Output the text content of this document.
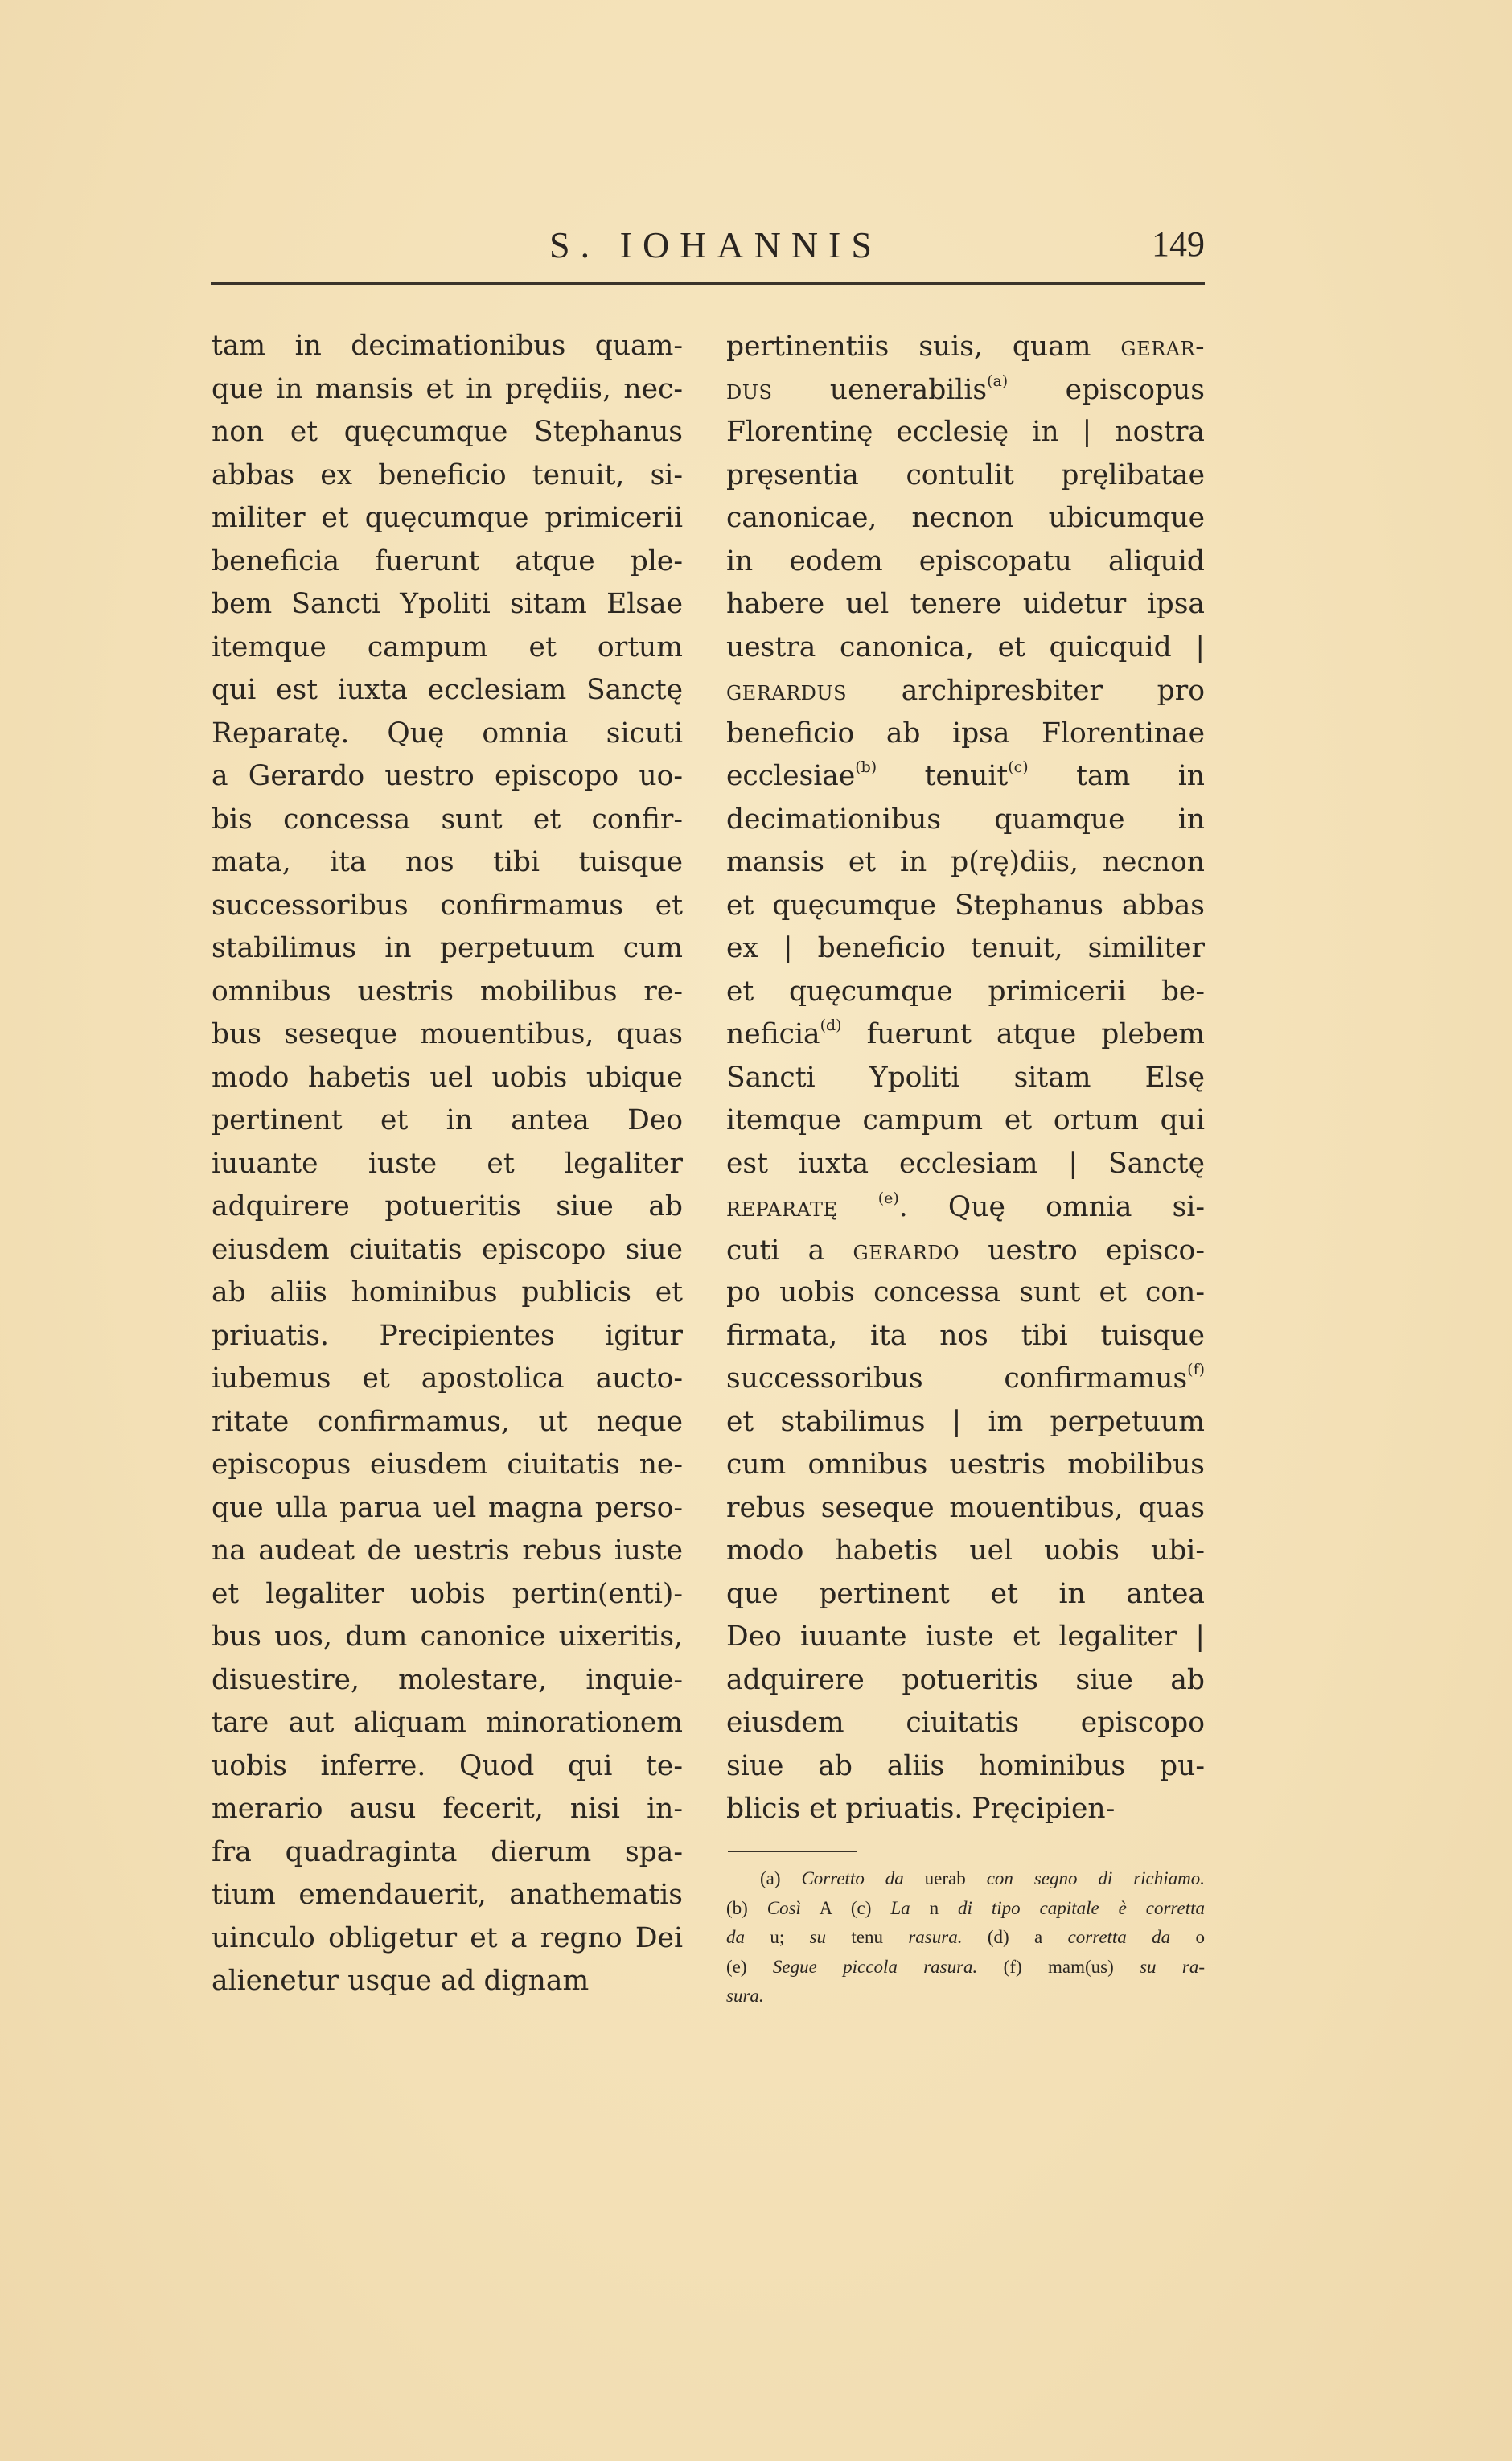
S. IOHANNIS	149
tam in decimationibus quam-
que in mansis et in prędiis, nec-
non et quęcumque Stephanus
abbas ex beneficio tenuit, si-
militer et quęcumque primicerii
beneficia fuerunt atque ple-
bem Sancti Ypoliti sitam Elsae
itemque campum et ortum
qui est iuxta ecclesiam Sanctę
Reparatę. Quę omnia sicuti
a Gerardo uestro episcopo uo-
bis concessa sunt et confir-
mata, ita nos tibi tuisque
successoribus confirmamus et
stabilimus in perpetuum cum
omnibus uestris mobilibus re-
bus seseque mouentibus, quas
modo habetis uel uobis ubique
pertinent et in antea Deo
iuuante iuste et legaliter
adquirere potueritis siue ab
eiusdem ciuitatis episcopo siue
ab aliis hominibus publicis et
priuatis. Precipientes igitur
iubemus et apostolica aucto-
ritate confirmamus, ut neque
episcopus eiusdem ciuitatis ne-
que ulla parua uel magna perso-
na audeat de uestris rebus iuste
et legaliter uobis pertin(enti)-
bus uos, dum canonice uixeritis,
disuestire, molestare, inquie-
tare aut aliquam minorationem
uobis inferre. Quod qui te-
merario ausu fecerit, nisi in-
fra quadraginta dierum spa-
tium emendauerit, anathematis
uinculo obligetur et a regno Dei
alienetur usque ad dignam
pertinentiis suis, quam gerar-
dus uenerabilis$^{(a)}$ episcopus
Florentinę ecclesię in | nostra
pręsentia contulit pręlibatae
canonicae, necnon ubicumque
in eodem episcopatu aliquid
habere uel tenere uidetur ipsa
uestra canonica, et quicquid |
gerardus archipresbiter pro
beneficio ab ipsa Florentinae
ecclesiae$^{(b)}$ tenuit$^{(c)}$ tam in
decimationibus quamque in
mansis et in p(rę)diis, necnon
et quęcumque Stephanus abbas
ex | beneficio tenuit, similiter
et quęcumque primicerii be-
neficia$^{(d)}$ fuerunt atque plebem
Sancti Ypoliti sitam Elsę
itemque campum et ortum qui
est iuxta ecclesiam | Sanctę
reparatę	$^{(e)}$. Quę omnia si-
cuti a gerardo uestro episco-
po uobis concessa sunt et con-
firmata, ita nos tibi tuisque
successoribus confirmamus$^{(f)}$
et stabilimus | im perpetuum
cum omnibus uestris mobilibus
rebus seseque mouentibus, quas
modo habetis uel uobis ubi-
que pertinent et in antea
Deo iuuante iuste et legaliter |
adquirere potueritis siue ab
eiusdem ciuitatis episcopo
siue ab aliis hominibus pu-
blicis et priuatis. Pręcipien-
(a) Corretto da uerab con segno di richiamo.
(b) Così A (c) La n di tipo capitale è corretta
da u; su tenu rasura. (d) a corretta da o
(e) Segue piccola rasura. (f) mam(us) su ra-
sura.
